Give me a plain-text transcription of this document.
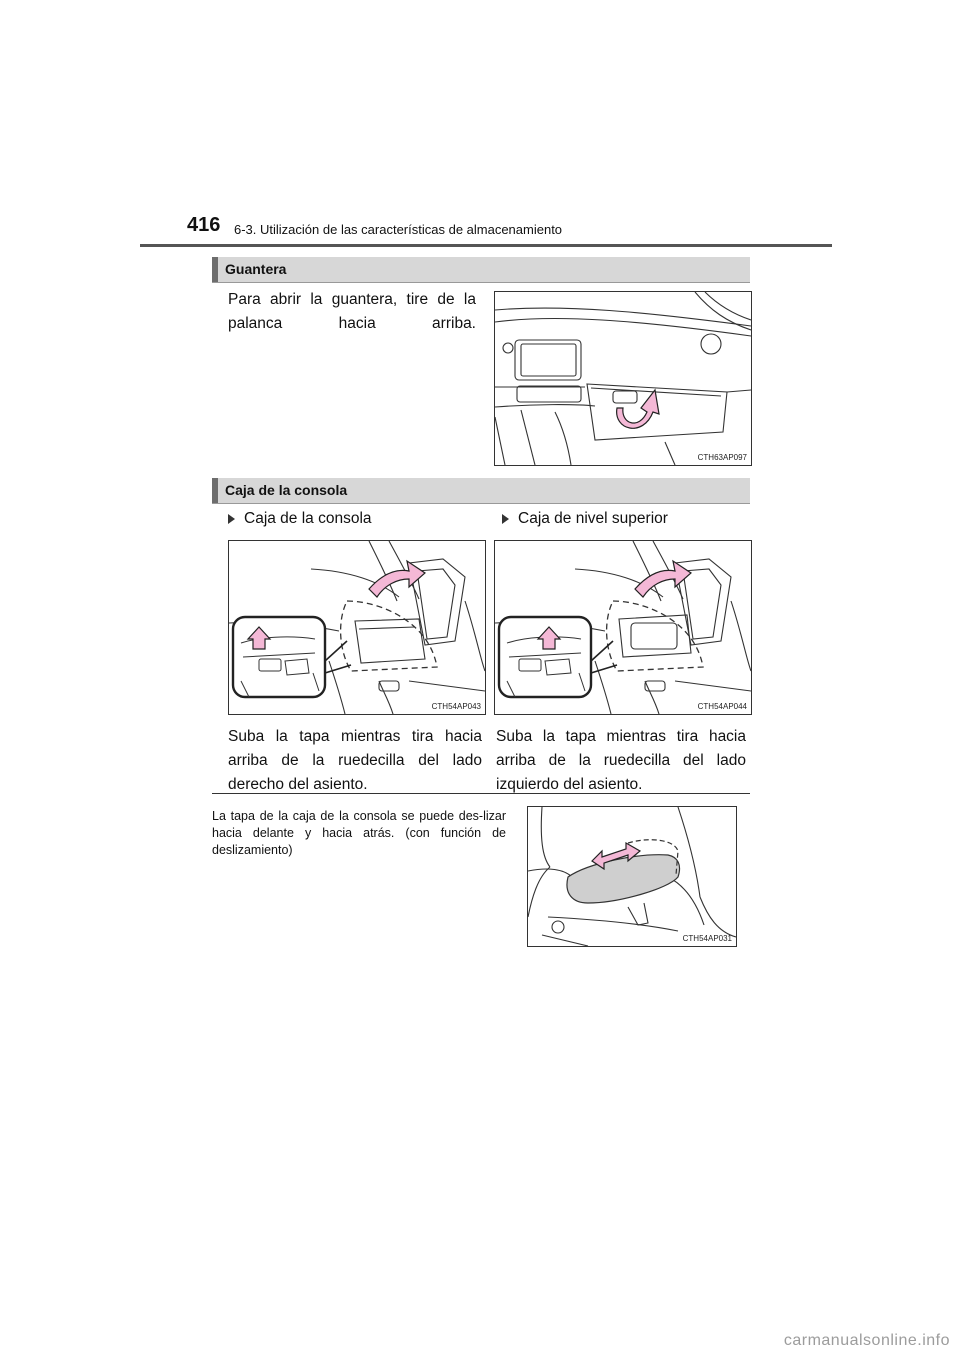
416 6-3. Utilización de las características de almacenamiento
Guantera
Para abrir la guantera, tire de la palanca hacia arriba.
CTH63AP097
Caja de la consola
Caja de la consola	Caja de nivel superior
CTH54AP043	CTH54AP044
Suba la tapa mientras tira hacia arriba de la ruedecilla del lado derecho del asiento.
Suba la tapa mientras tira hacia arriba de la ruedecilla del lado izquierdo del asiento.
La tapa de la caja de la consola se puede des-lizar hacia delante y hacia atrás. (con función de deslizamiento)
CTH54AP031
carmanualsonline.info
